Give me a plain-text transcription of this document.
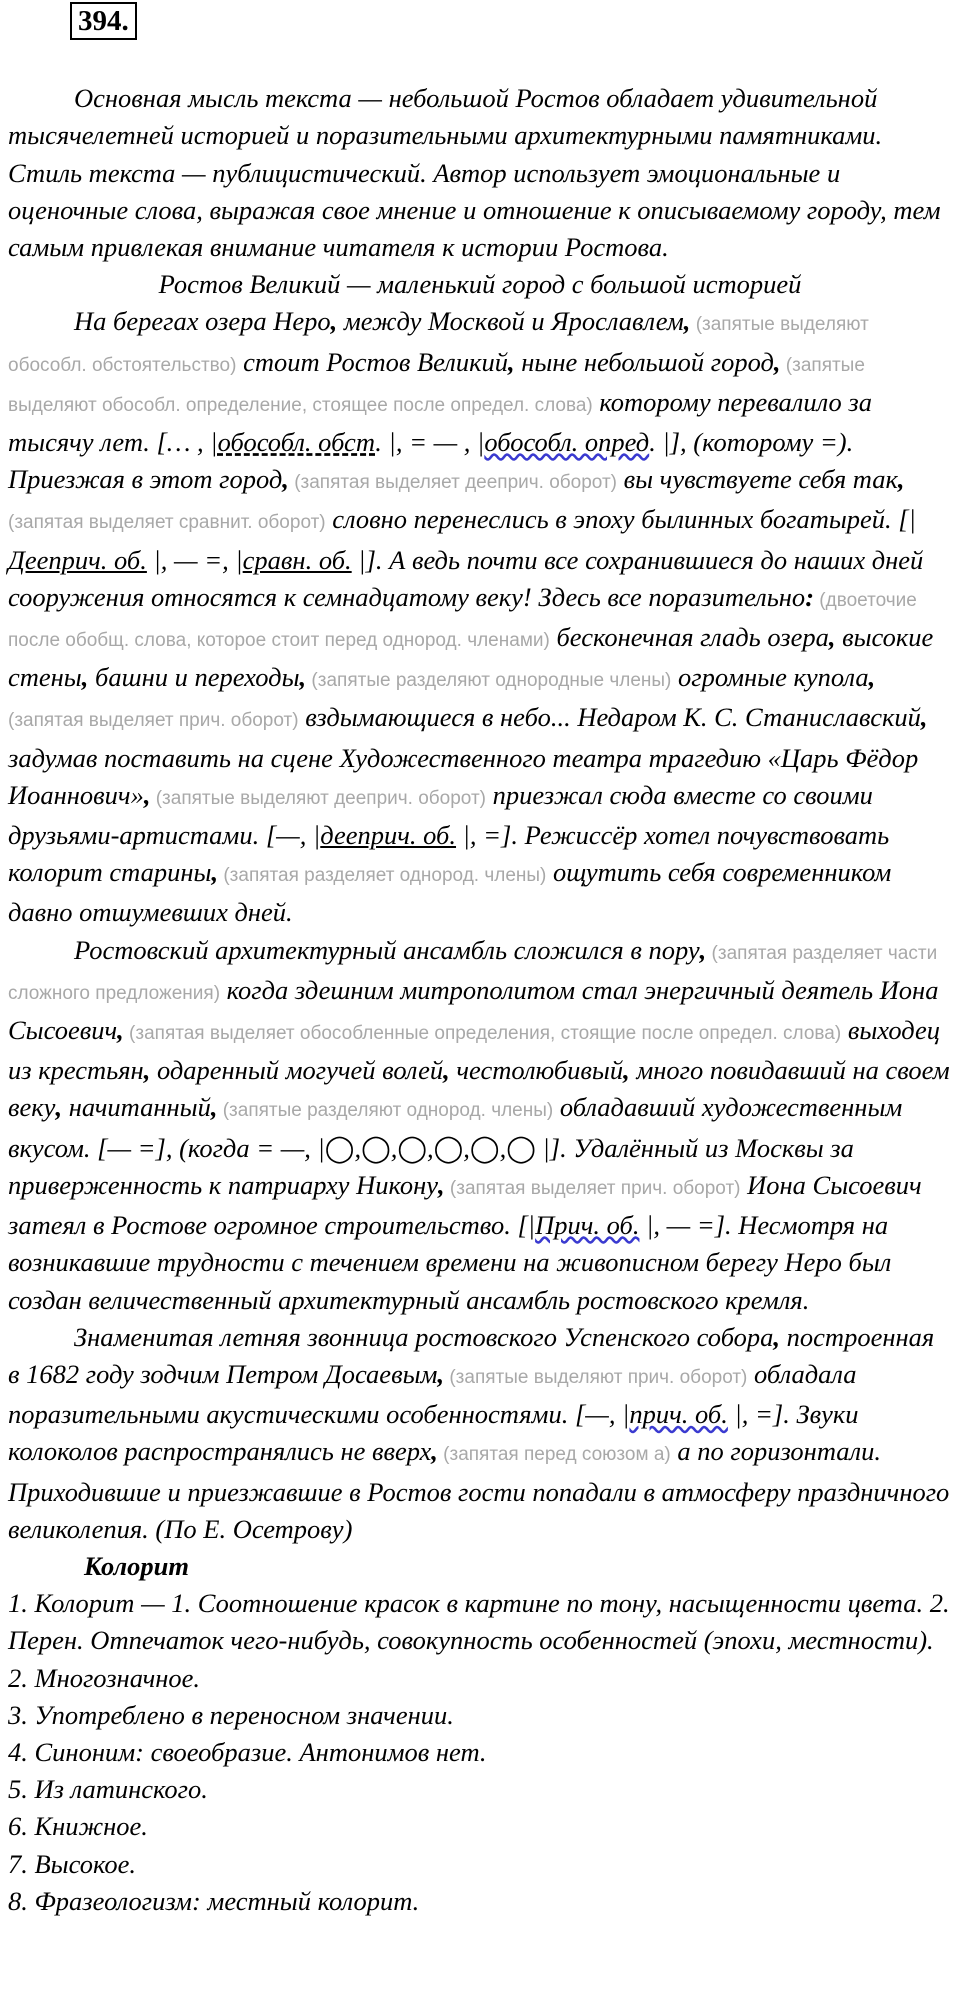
394.

Основная мысль текста — небольшой Ростов обладает удивительной тысячелетней историей и поразительными архитектурными памятниками. Стиль текста — публицистический. Автор использует эмоциональные и оценочные слова, выражая свое мнение и отношение к описываемому городу, тем самым привлекая внимание читателя к истории Ростова.

Ростов Великий — маленький город с большой историей

На берегах озера Неро, между Москвой и Ярославлем, (запятые выделяют обособл. обстоятельство) стоит Ростов Великий, ныне небольшой город, (запятые выделяют обособл. определение, стоящее после определ. слова) которому перевалило за тысячу лет. [… , |обособл. обст. |, = — , |обособл. опред. |], (которому =). Приезжая в этот город, (запятая выделяет дееприч. оборот) вы чувствуете себя так, (запятая выделяет сравнит. оборот) словно перенеслись в эпоху былинных богатырей. [|Дееприч. об. |, — =, |сравн. об. |]. А ведь почти все сохранившиеся до наших дней сооружения относятся к семнадцатому веку! Здесь все поразительно: (двоеточие после обобщ. слова, которое стоит перед однород. членами) бесконечная гладь озера, высокие стены, башни и переходы, (запятые разделяют однородные члены) огромные купола, (запятая выделяет прич. оборот) вздымающиеся в небо... Недаром К. С. Станиславский, задумав поставить на сцене Художественного театра трагедию «Царь Фёдор Иоаннович», (запятые выделяют дееприч. оборот) приезжал сюда вместе со своими друзьями-артистами. [—, |дееприч. об. |, =]. Режиссёр хотел почувствовать колорит старины, (запятая разделяет однород. члены) ощутить себя современником давно отшумевших дней.

Ростовский архитектурный ансамбль сложился в пору, (запятая разделяет части сложного предложения) когда здешним митрополитом стал энергичный деятель Иона Сысоевич, (запятая выделяет обособленные определения, стоящие после определ. слова) выходец из крестьян, одаренный могучей волей, честолюбивый, много повидавший на своем веку, начитанный, (запятые разделяют однород. члены) обладавший художественным вкусом. [— =], (когда = —, |◯,◯,◯,◯,◯,◯ |]. Удалённый из Москвы за приверженность к патриарху Никону, (запятая выделяет прич. оборот) Иона Сысоевич затеял в Ростове огромное строительство. [|Прич. об. |, — =]. Несмотря на возникавшие трудности с течением времени на живописном берегу Неро был создан величественный архитектурный ансамбль ростовского кремля.

Знаменитая летняя звонница ростовского Успенского собора, построенная в 1682 году зодчим Петром Досаевым, (запятые выделяют прич. оборот) обладала поразительными акустическими особенностями. [—, |прич. об. |, =]. Звуки колоколов распространялись не вверх, (запятая перед союзом а) а по горизонтали. Приходившие и приезжавшие в Ростов гости попадали в атмосферу праздничного великолепия. (По Е. Осетрову)

Колорит

1. Колорит — 1. Соотношение красок в картине по тону, насыщенности цвета. 2. Перен. Отпечаток чего-нибудь, совокупность особенностей (эпохи, местности).

2. Многозначное.

3. Употреблено в переносном значении.

4. Синоним: своеобразие. Антонимов нет.

5. Из латинского.

6. Книжное.

7. Высокое.

8. Фразеологизм: местный колорит.
